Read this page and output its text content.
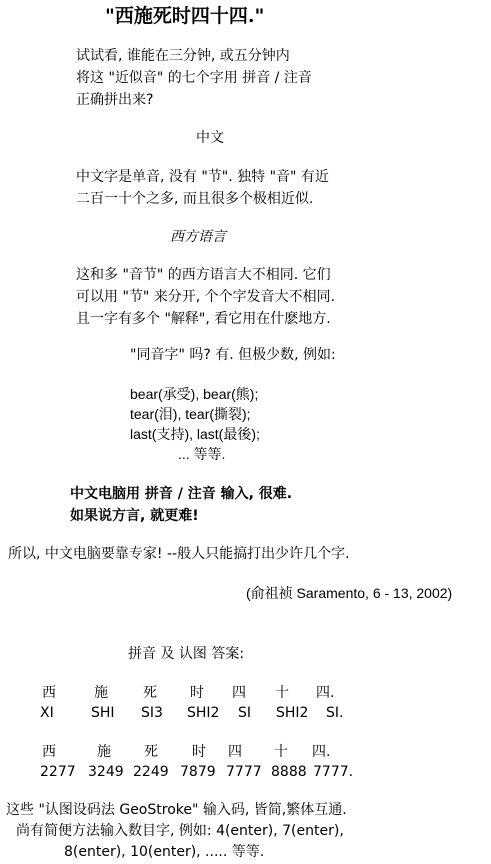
"西施死时四十四."
试试看, 谁能在三分钟, 或五分钟内
将这 "近似音" 的七个字用 拼音 / 注音
正确拼出来?
中文
中文字是单音, 没有 "节". 独特 "音" 有近
二百一十个之多, 而且很多个极相近似.
西方语言
这和多 "音节" 的西方语言大不相同. 它们
可以用 "节" 来分开, 个个字发音大不相同.
且一字有多个 "解释", 看它用在什麽地方.
"同音字" 吗? 有. 但极少数, 例如:
bear(承受), bear(熊);
tear(泪), tear(撕裂);
last(支持), last(最後);
... 等等.
中文电脑用 拼音 / 注音 输入, 很难.
如果说方言, 就更难!
所以, 中文电脑要靠专家! --般人只能搞打出少许几个字.
(俞祖祯 Saramento, 6 - 13, 2002)
拼音 及 认图 答案:
西	施	死 时 四 十 四.
XI	SHI SI3 SHI2 SI SHI2 SI.
西	施 死 时 四 十 四.
2277 3249 2249 7879 7777 8888 7777.
这些 "认图设码法 GeoStroke" 输入码, 皆简,繁体互通.
尚有简便方法输入数目字, 例如: 4(enter), 7(enter),
8(enter), 10(enter), ..... 等等.
